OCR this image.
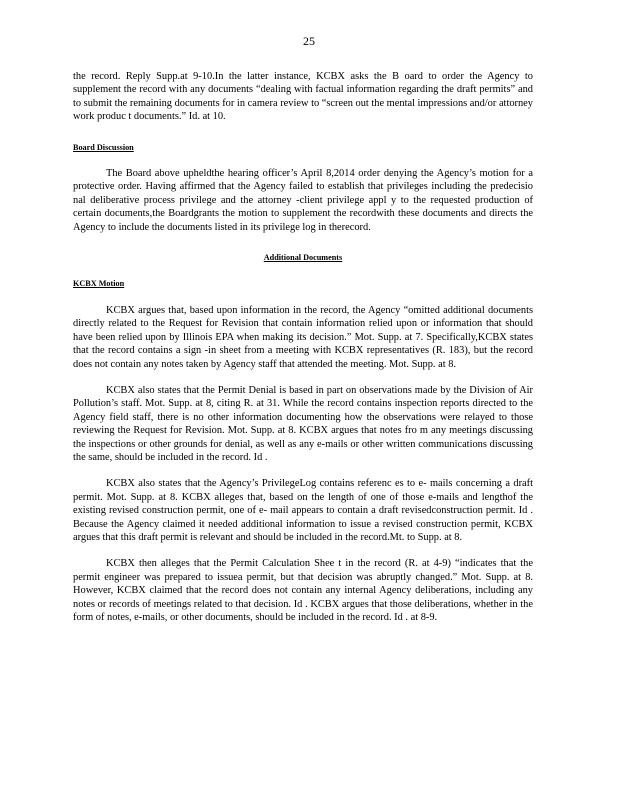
25

the record. Reply Supp.at 9-10.In the latter instance, KCBX asks the B oard to order the Agency to supplement the record with any documents “dealing with factual information regarding the draft permits” and to submit the remaining documents for in camera review to “screen out the mental impressions and/or attorney work produc t documents.” Id. at 10.

Board Discussion

The Board above upheldthe hearing officer’s April 8,2014 order denying the Agency’s motion for a protective order. Having affirmed that the Agency failed to establish that privileges including the predecisio nal deliberative process privilege and the attorney -client privilege appl y to the requested production of certain documents,the Boardgrants the motion to supplement the recordwith these documents and directs the Agency to include the documents listed in its privilege log in therecord.

Additional Documents
KCBX Motion

KCBX argues that, based upon information in the record, the Agency “omitted additional documents directly related to the Request for Revision that contain information relied upon or information that should have been relied upon by Illinois EPA when making its decision.” Mot. Supp. at 7. Specifically,KCBX states that the record contains a sign -in sheet from a meeting with KCBX representatives (R. 183), but the record does not contain any notes taken by Agency staff that attended the meeting. Mot. Supp. at 8.

KCBX also states that the Permit Denial is based in part on observations made by the Division of Air Pollution’s staff. Mot. Supp. at 8, citing R. at 31. While the record contains inspection reports directed to the Agency field staff, there is no other information documenting how the observations were relayed to those reviewing the Request for Revision. Mot. Supp. at 8. KCBX argues that notes fro m any meetings discussing the inspections or other grounds for denial, as well as any e-mails or other written communications discussing the same, should be included in the record. Id .

KCBX also states that the Agency’s PrivilegeLog contains referenc es to e- mails concerning a draft permit. Mot. Supp. at 8. KCBX alleges that, based on the length of one of those e-mails and lengthof the existing revised construction permit, one of e- mail appears to contain a draft revisedconstruction permit. Id . Because the Agency claimed it needed additional information to issue a revised construction permit, KCBX argues that this draft permit is relevant and should be included in the record.Mt. to Supp. at 8.

KCBX then alleges that the Permit Calculation Shee t in the record (R. at 4-9) “indicates that the permit engineer was prepared to issuea permit, but that decision was abruptly changed.” Mot. Supp. at 8. However, KCBX claimed that the record does not contain any internal Agency deliberations, including any notes or records of meetings related to that decision. Id . KCBX argues that those deliberations, whether in the form of notes, e-mails, or other documents, should be included in the record. Id . at 8-9.
